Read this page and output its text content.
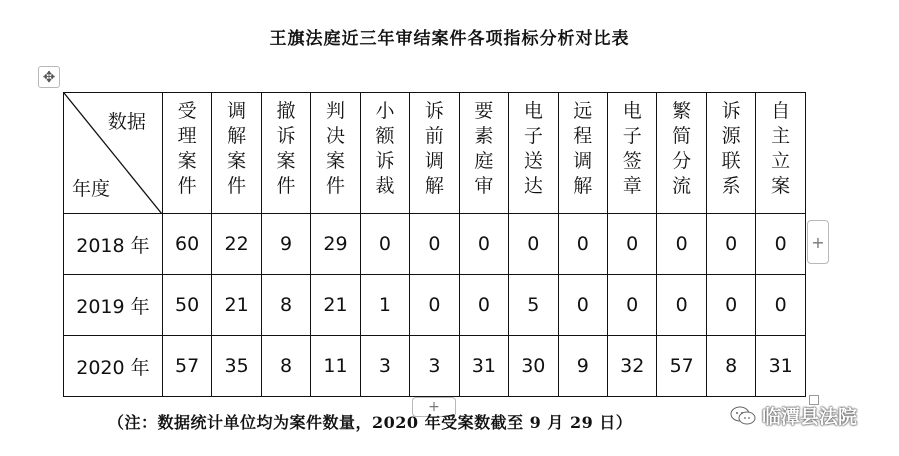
王旗法庭近三年审结案件各项指标分析对比表
✥
数据
年度	受理案件	调解案件	撤诉案件	判决案件	小额诉裁	诉前调解	要素庭审	电子送达	远程调解	电子签章	繁简分流	诉源联系	自主立案
2018 年	60	22	9	29	0	0	0	0	0	0	0	0	0
2019 年	50	21	8	21	1	0	0	5	0	0	0	0	0
2020 年	57	35	8	11	3	3	31	30	9	32	57	8	31
+
+
（注：数据统计单位均为案件数量，2020 年受案数截至 9 月 29 日）	临潭县法院
